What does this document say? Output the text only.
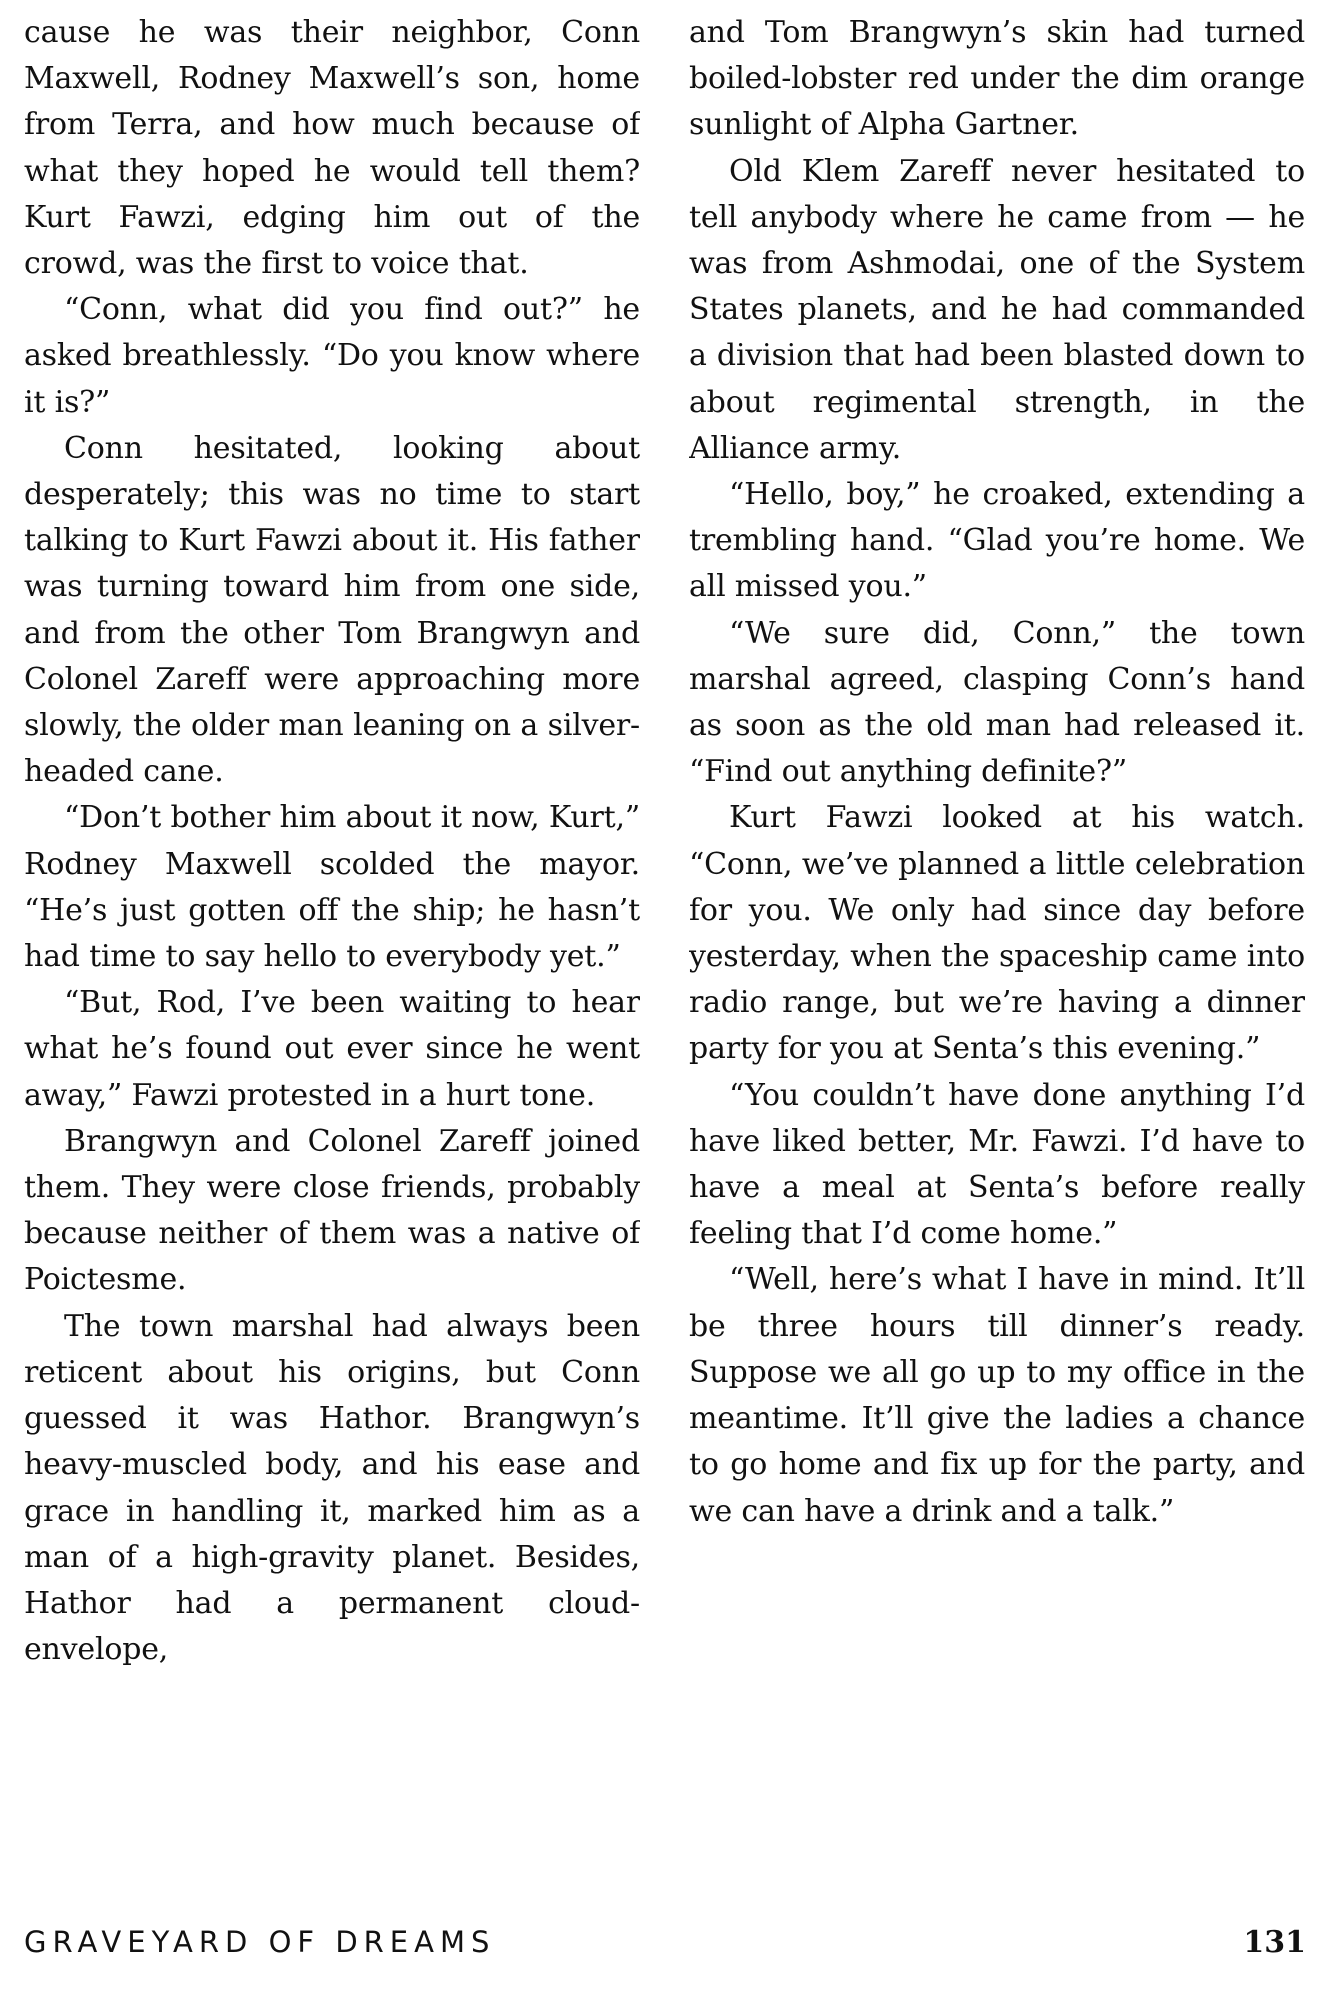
cause he was their neighbor, Conn Maxwell, Rodney Maxwell’s son, home from Terra, and how much because of what they hoped he would tell them? Kurt Fawzi, edging him out of the crowd, was the first to voice that.

“Conn, what did you find out?” he asked breathlessly. “Do you know where it is?”

Conn hesitated, looking about desperately; this was no time to start talking to Kurt Fawzi about it. His father was turning toward him from one side, and from the other Tom Brangwyn and Colonel Zareff were approaching more slowly, the older man leaning on a silver-headed cane.

“Don’t bother him about it now, Kurt,” Rodney Maxwell scolded the mayor. “He’s just gotten off the ship; he hasn’t had time to say hello to everybody yet.”

“But, Rod, I’ve been waiting to hear what he’s found out ever since he went away,” Fawzi protested in a hurt tone.

Brangwyn and Colonel Zareff joined them. They were close friends, probably because neither of them was a native of Poictesme.

The town marshal had always been reticent about his origins, but Conn guessed it was Hathor. Brangwyn’s heavy-muscled body, and his ease and grace in handling it, marked him as a man of a high-gravity planet. Besides, Hathor had a permanent cloud-envelope,

and Tom Brangwyn’s skin had turned boiled-lobster red under the dim orange sunlight of Alpha Gartner.

Old Klem Zareff never hesitated to tell anybody where he came from — he was from Ashmodai, one of the System States planets, and he had commanded a division that had been blasted down to about regimental strength, in the Alliance army.

“Hello, boy,” he croaked, extending a trembling hand. “Glad you’re home. We all missed you.”

“We sure did, Conn,” the town marshal agreed, clasping Conn’s hand as soon as the old man had released it. “Find out anything definite?”

Kurt Fawzi looked at his watch. “Conn, we’ve planned a little celebration for you. We only had since day before yesterday, when the spaceship came into radio range, but we’re having a dinner party for you at Senta’s this evening.”

“You couldn’t have done anything I’d have liked better, Mr. Fawzi. I’d have to have a meal at Senta’s before really feeling that I’d come home.”

“Well, here’s what I have in mind. It’ll be three hours till dinner’s ready. Suppose we all go up to my office in the meantime. It’ll give the ladies a chance to go home and fix up for the party, and we can have a drink and a talk.”

GRAVEYARD OF DREAMS	131
